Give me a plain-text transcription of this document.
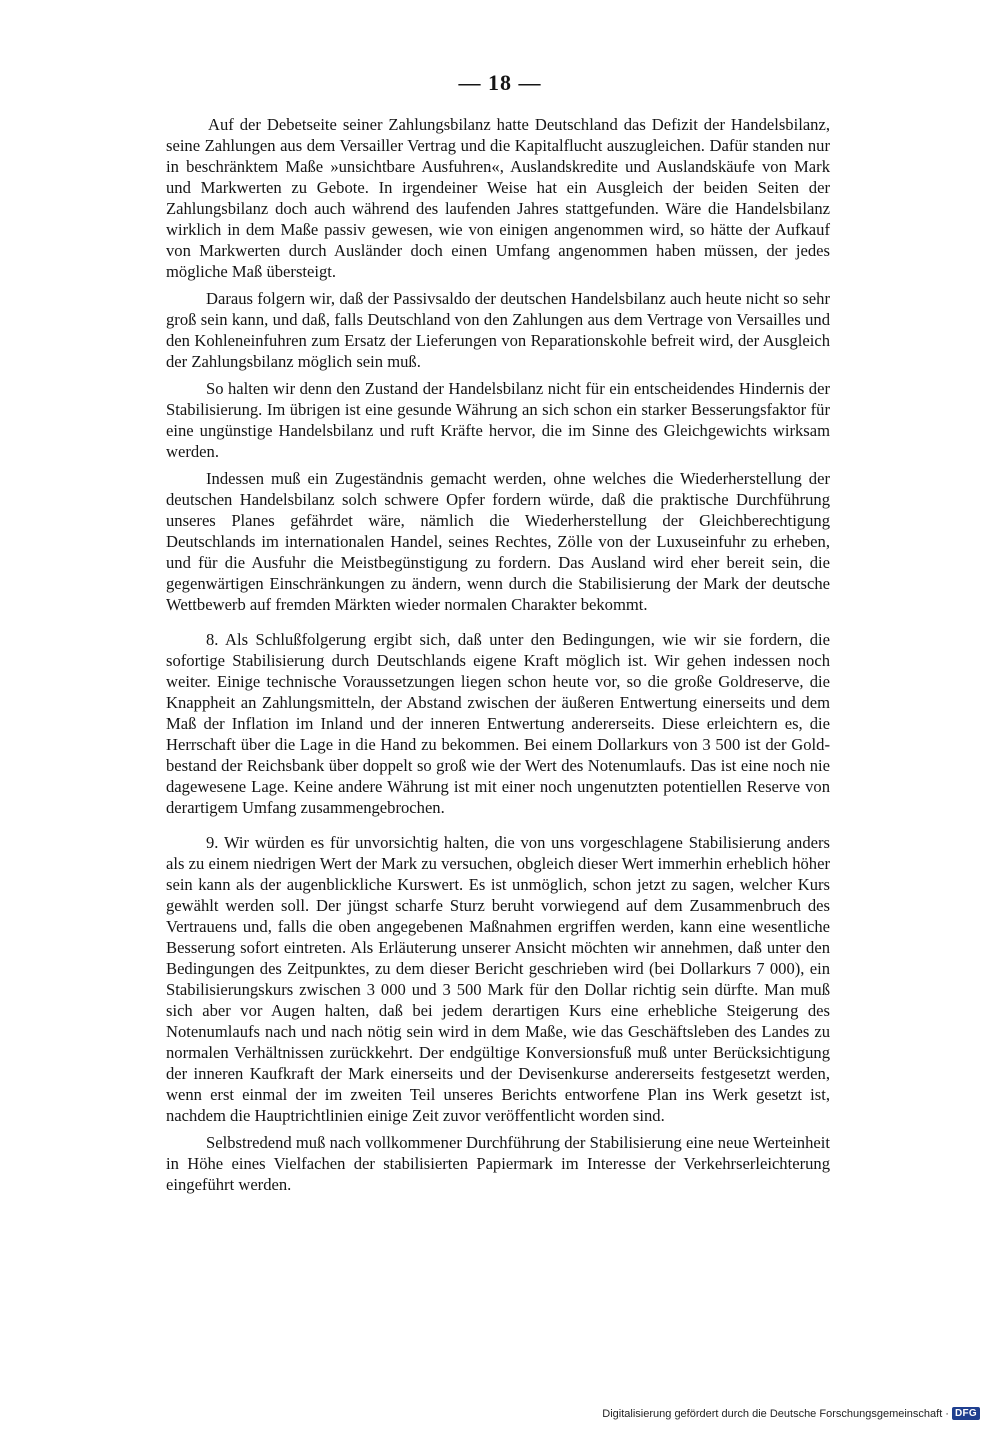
— 18 —

Auf der Debetseite seiner Zahlungsbilanz hatte Deutschland das Defizit der Handelsbilanz, seine Zahlungen aus dem Versailler Vertrag und die Kapitalflucht auszugleichen. Dafür standen nur in beschränktem Maße »unsichtbare Ausfuhren«, Auslandskredite und Auslandskäufe von Mark und Markwerten zu Gebote. In irgendeiner Weise hat ein Ausgleich der beiden Seiten der Zahlungsbilanz doch auch während des laufenden Jahres stattgefunden. Wäre die Handelsbilanz wirklich in dem Maße passiv gewesen, wie von einigen angenommen wird, so hätte der Aufkauf von Markwerten durch Ausländer doch einen Umfang angenommen haben müssen, der jedes mögliche Maß übersteigt.

Daraus folgern wir, daß der Passivsaldo der deutschen Handelsbilanz auch heute nicht so sehr groß sein kann, und daß, falls Deutschland von den Zahlungen aus dem Vertrage von Versailles und den Kohleneinfuhren zum Ersatz der Lieferungen von Reparationskohle befreit wird, der Ausgleich der Zahlungsbilanz möglich sein muß.

So halten wir denn den Zustand der Handelsbilanz nicht für ein entscheidendes Hindernis der Stabilisierung. Im übrigen ist eine gesunde Währung an sich schon ein starker Besserungsfaktor für eine ungünstige Handelsbilanz und ruft Kräfte hervor, die im Sinne des Gleichgewichts wirksam werden.

Indessen muß ein Zugeständnis gemacht werden, ohne welches die Wiederherstellung der deutschen Handelsbilanz solch schwere Opfer fordern würde, daß die praktische Durchführung unseres Planes gefährdet wäre, nämlich die Wiederherstellung der Gleichberechtigung Deutschlands im internationalen Handel, seines Rechtes, Zölle von der Luxuseinfuhr zu erheben, und für die Ausfuhr die Meistbegünstigung zu fordern. Das Ausland wird eher bereit sein, die gegenwärtigen Einschränkungen zu ändern, wenn durch die Stabilisierung der Mark der deutsche Wettbewerb auf fremden Märkten wieder normalen Charakter bekommt.

8. Als Schlußfolgerung ergibt sich, daß unter den Bedingungen, wie wir sie fordern, die sofortige Stabilisierung durch Deutschlands eigene Kraft möglich ist. Wir gehen indessen noch weiter. Einige technische Voraussetzungen liegen schon heute vor, so die große Goldreserve, die Knappheit an Zahlungsmitteln, der Abstand zwischen der äußeren Entwertung einerseits und dem Maß der Inflation im Inland und der inneren Entwertung andererseits. Diese erleichtern es, die Herrschaft über die Lage in die Hand zu bekommen. Bei einem Dollarkurs von 3 500 ist der Goldbestand der Reichsbank über doppelt so groß wie der Wert des Notenumlaufs. Das ist eine noch nie dagewesene Lage. Keine andere Währung ist mit einer noch ungenutzten potentiellen Reserve von derartigem Umfang zusammengebrochen.

9. Wir würden es für unvorsichtig halten, die von uns vorgeschlagene Stabilisierung anders als zu einem niedrigen Wert der Mark zu versuchen, obgleich dieser Wert immerhin erheblich höher sein kann als der augenblickliche Kurswert. Es ist unmöglich, schon jetzt zu sagen, welcher Kurs gewählt werden soll. Der jüngst scharfe Sturz beruht vorwiegend auf dem Zusammenbruch des Vertrauens und, falls die oben angegebenen Maßnahmen ergriffen werden, kann eine wesentliche Besserung sofort eintreten. Als Erläuterung unserer Ansicht möchten wir annehmen, daß unter den Bedingungen des Zeitpunktes, zu dem dieser Bericht geschrieben wird (bei Dollarkurs 7 000), ein Stabilisierungskurs zwischen 3 000 und 3 500 Mark für den Dollar richtig sein dürfte. Man muß sich aber vor Augen halten, daß bei jedem derartigen Kurs eine erhebliche Steigerung des Notenumlaufs nach und nach nötig sein wird in dem Maße, wie das Geschäftsleben des Landes zu normalen Verhältnissen zurückkehrt. Der endgültige Konversionsfuß muß unter Berücksichtigung der inneren Kaufkraft der Mark einerseits und der Devisenkurse andererseits festgesetzt werden, wenn erst einmal der im zweiten Teil unseres Berichts entworfene Plan ins Werk gesetzt ist, nachdem die Hauptrichtlinien einige Zeit zuvor veröffentlicht worden sind.

Selbstredend muß nach vollkommener Durchführung der Stabilisierung eine neue Werteinheit in Höhe eines Vielfachen der stabilisierten Papiermark im Interesse der Verkehrserleichterung eingeführt werden.

Digitalisierung gefördert durch die Deutsche Forschungsgemeinschaft · DFG
